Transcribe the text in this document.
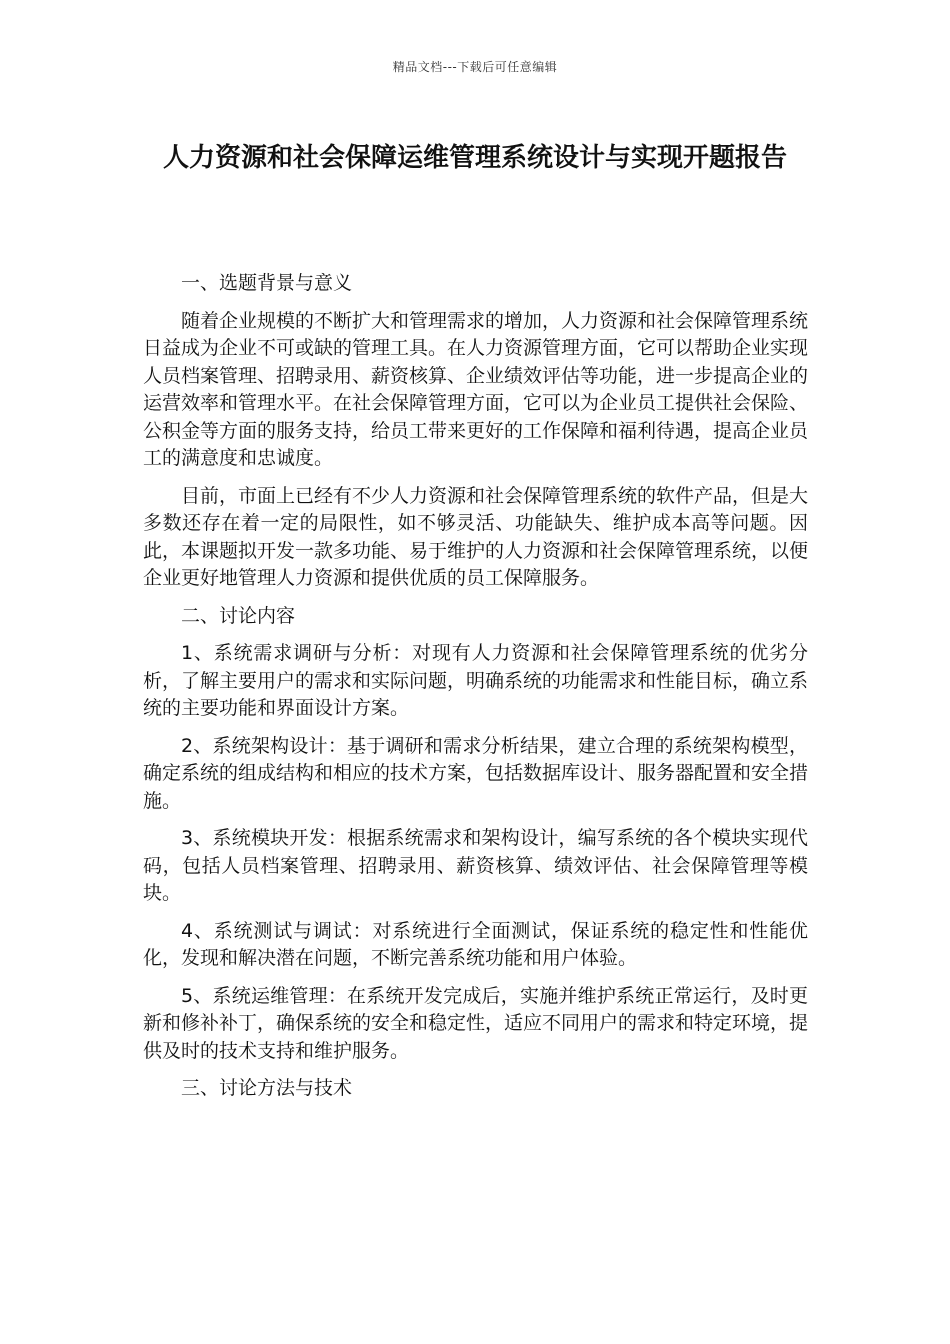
精品文档---下载后可任意编辑
人力资源和社会保障运维管理系统设计与实现开题报告

一、选题背景与意义

随着企业规模的不断扩大和管理需求的增加，人力资源和社会保障管理系统日益成为企业不可或缺的管理工具。在人力资源管理方面，它可以帮助企业实现人员档案管理、招聘录用、薪资核算、企业绩效评估等功能，进一步提高企业的运营效率和管理水平。在社会保障管理方面，它可以为企业员工提供社会保险、公积金等方面的服务支持，给员工带来更好的工作保障和福利待遇，提高企业员工的满意度和忠诚度。

目前，市面上已经有不少人力资源和社会保障管理系统的软件产品，但是大多数还存在着一定的局限性，如不够灵活、功能缺失、维护成本高等问题。因此，本课题拟开发一款多功能、易于维护的人力资源和社会保障管理系统，以便企业更好地管理人力资源和提供优质的员工保障服务。

二、讨论内容

1、系统需求调研与分析：对现有人力资源和社会保障管理系统的优劣分析，了解主要用户的需求和实际问题，明确系统的功能需求和性能目标，确立系统的主要功能和界面设计方案。

2、系统架构设计：基于调研和需求分析结果，建立合理的系统架构模型，确定系统的组成结构和相应的技术方案，包括数据库设计、服务器配置和安全措施。

3、系统模块开发：根据系统需求和架构设计，编写系统的各个模块实现代码，包括人员档案管理、招聘录用、薪资核算、绩效评估、社会保障管理等模块。

4、系统测试与调试：对系统进行全面测试，保证系统的稳定性和性能优化，发现和解决潜在问题，不断完善系统功能和用户体验。

5、系统运维管理：在系统开发完成后，实施并维护系统正常运行，及时更新和修补补丁，确保系统的安全和稳定性，适应不同用户的需求和特定环境，提供及时的技术支持和维护服务。

三、讨论方法与技术
